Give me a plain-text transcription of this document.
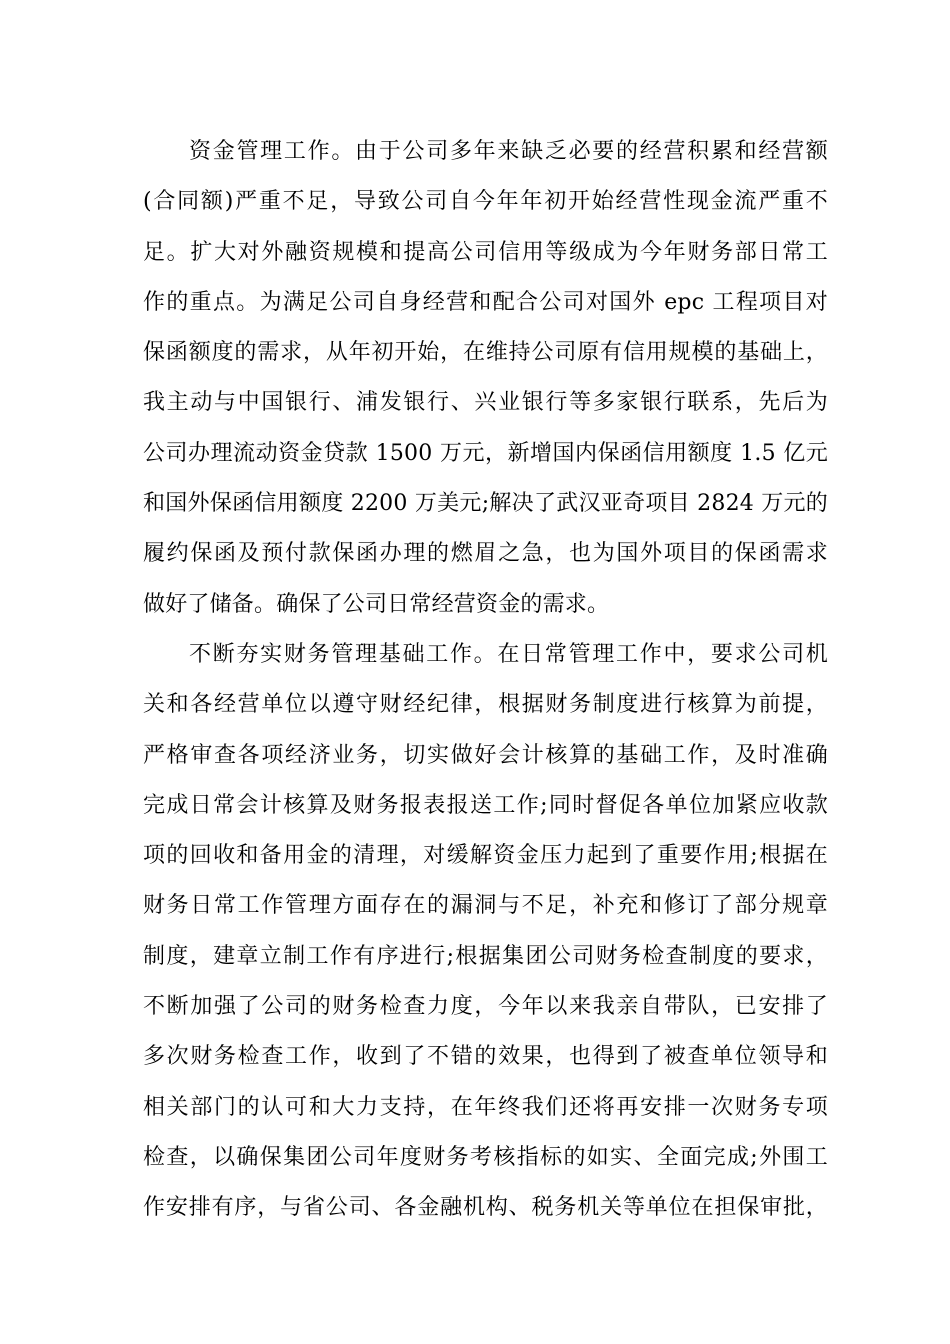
资金管理工作。由于公司多年来缺乏必要的经营积累和经营额
(合同额)严重不足，导致公司自今年年初开始经营性现金流严重不
足。扩大对外融资规模和提高公司信用等级成为今年财务部日常工
作的重点。为满足公司自身经营和配合公司对国外 epc 工程项目对
保函额度的需求，从年初开始，在维持公司原有信用规模的基础上，
我主动与中国银行、浦发银行、兴业银行等多家银行联系，先后为
公司办理流动资金贷款 1500 万元，新增国内保函信用额度 1.5 亿元
和国外保函信用额度 2200 万美元;解决了武汉亚奇项目 2824 万元的
履约保函及预付款保函办理的燃眉之急，也为国外项目的保函需求
做好了储备。确保了公司日常经营资金的需求。
不断夯实财务管理基础工作。在日常管理工作中，要求公司机
关和各经营单位以遵守财经纪律，根据财务制度进行核算为前提，
严格审查各项经济业务，切实做好会计核算的基础工作，及时准确
完成日常会计核算及财务报表报送工作;同时督促各单位加紧应收款
项的回收和备用金的清理，对缓解资金压力起到了重要作用;根据在
财务日常工作管理方面存在的漏洞与不足，补充和修订了部分规章
制度，建章立制工作有序进行;根据集团公司财务检查制度的要求，
不断加强了公司的财务检查力度，今年以来我亲自带队，已安排了
多次财务检查工作，收到了不错的效果，也得到了被查单位领导和
相关部门的认可和大力支持，在年终我们还将再安排一次财务专项
检查，以确保集团公司年度财务考核指标的如实、全面完成;外围工
作安排有序，与省公司、各金融机构、税务机关等单位在担保审批，
